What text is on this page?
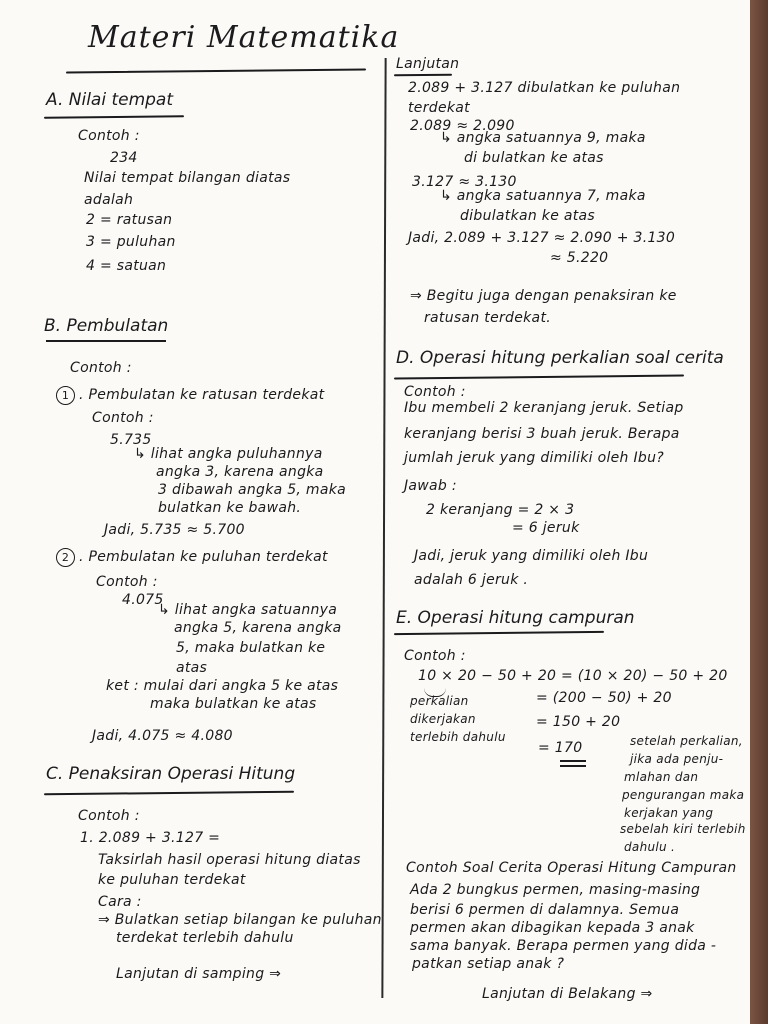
Materi Matematika
A. Nilai tempat
Contoh :
234
Nilai tempat bilangan diatas
adalah
2 = ratusan
3 = puluhan
4 = satuan
B. Pembulatan
Contoh :
1 . Pembulatan ke ratusan terdekat
Contoh :
5.735
↳ lihat angka puluhannya
angka 3, karena angka
3 dibawah angka 5, maka
bulatkan ke bawah.
Jadi, 5.735 ≈ 5.700
2 . Pembulatan ke puluhan terdekat
Contoh :
4.075
↳ lihat angka satuannya
angka 5, karena angka
5, maka bulatkan ke
atas
ket : mulai dari angka 5 ke atas
maka bulatkan ke atas
Jadi, 4.075 ≈ 4.080
C. Penaksiran Operasi Hitung
Contoh :
1. 2.089 + 3.127 =
Taksirlah hasil operasi hitung diatas
ke puluhan terdekat
Cara :
⇒ Bulatkan setiap bilangan ke puluhan
terdekat terlebih dahulu
Lanjutan di samping ⇒
Lanjutan
2.089 + 3.127 dibulatkan ke puluhan
terdekat
2.089 ≈ 2.090
↳ angka satuannya 9, maka
di bulatkan ke atas
3.127 ≈ 3.130
↳ angka satuannya 7, maka
dibulatkan ke atas
Jadi, 2.089 + 3.127 ≈ 2.090 + 3.130
≈ 5.220
⇒ Begitu juga dengan penaksiran ke
ratusan terdekat.
D. Operasi hitung perkalian soal cerita
Contoh :
Ibu membeli 2 keranjang jeruk. Setiap
keranjang berisi 3 buah jeruk. Berapa
jumlah jeruk yang dimiliki oleh Ibu?
Jawab :
2 keranjang = 2 × 3
= 6 jeruk
Jadi, jeruk yang dimiliki oleh Ibu
adalah 6 jeruk .
E. Operasi hitung campuran
Contoh :
10 × 20 − 50 + 20 = (10 × 20) − 50 + 20
= (200 − 50) + 20
= 150 + 20
= 170
perkalian
dikerjakan
terlebih dahulu	setelah perkalian,
jika ada penju-
mlahan dan
pengurangan maka
kerjakan yang
sebelah kiri terlebih
dahulu .
Contoh Soal Cerita Operasi Hitung Campuran
Ada 2 bungkus permen, masing-masing
berisi 6 permen di dalamnya. Semua
permen akan dibagikan kepada 3 anak
sama banyak. Berapa permen yang dida -
patkan setiap anak ?
Lanjutan di Belakang ⇒
